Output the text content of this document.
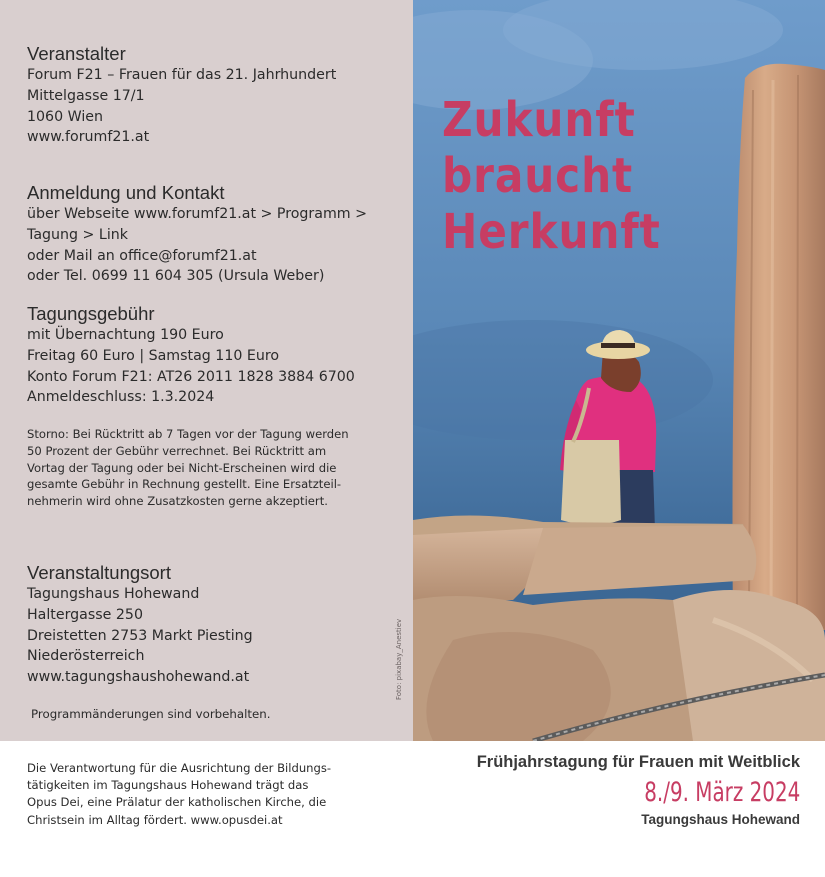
Veranstalter

Forum F21 – Frauen für das 21. Jahrhundert

Mittelgasse 17/1

1060 Wien

www.forumf21.at

Anmeldung und Kontakt

über Webseite www.forumf21.at > Programm >

Tagung > Link

oder Mail an office@forumf21.at

oder Tel. 0699 11 604 305 (Ursula Weber)

Tagungsgebühr

mit Übernachtung 190 Euro

Freitag 60 Euro | Samstag 110 Euro

Konto Forum F21: AT26 2011 1828 3884 6700

Anmeldeschluss: 1.3.2024

Storno: Bei Rücktritt ab 7 Tagen vor der Tagung werden

50 Prozent der Gebühr verrechnet. Bei Rücktritt am

Vortag der Tagung oder bei Nicht-Erscheinen wird die

gesamte Gebühr in Rechnung gestellt. Eine Ersatzteil-

nehmerin wird ohne Zusatzkosten gerne akzeptiert.

Veranstaltungsort

Tagungshaus Hohewand

Haltergasse 250

Dreistetten 2753 Markt Piesting

Niederösterreich

www.tagungshaushohewand.at

Programmänderungen sind vorbehalten.
Foto: pixabay_Anestiev
Zukunft
braucht
Herkunft

Die Verantwortung für die Ausrichtung der Bildungs-

tätigkeiten im Tagungshaus Hohewand trägt das

Opus Dei, eine Prälatur der katholischen Kirche, die

Christsein im Alltag fördert. www.opusdei.at

Frühjahrstagung für Frauen mit Weitblick
8./9. März 2024
Tagungshaus Hohewand
